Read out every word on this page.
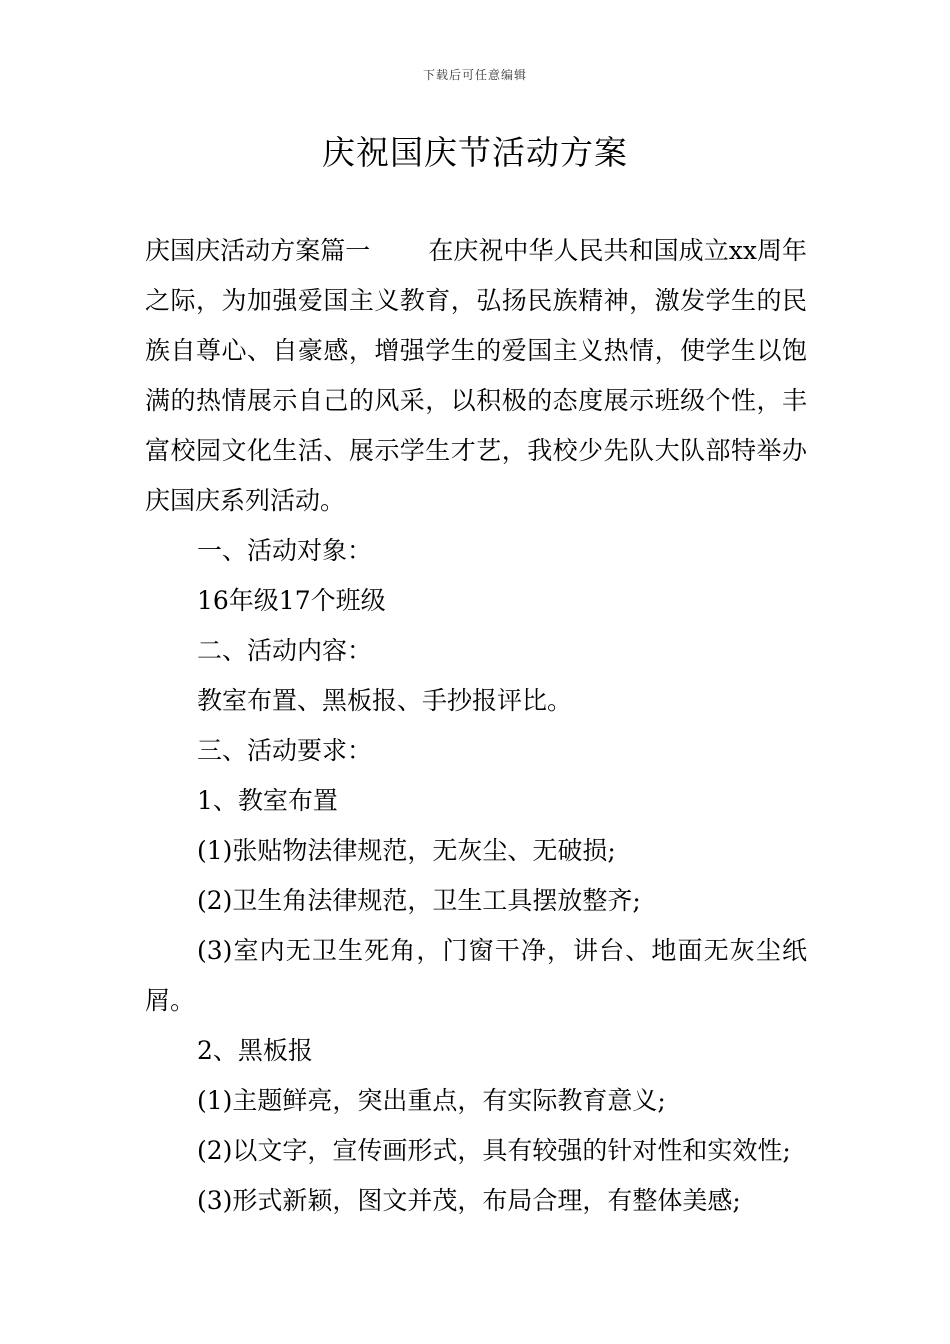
下载后可任意编辑
庆祝国庆节活动方案

庆国庆活动方案篇一 在庆祝中华人民共和国成立xx周年之际，为加强爱国主义教育，弘扬民族精神，激发学生的民族自尊心、自豪感，增强学生的爱国主义热情，使学生以饱满的热情展示自己的风采，以积极的态度展示班级个性，丰富校园文化生活、展示学生才艺，我校少先队大队部特举办庆国庆系列活动。

一、活动对象：

16年级17个班级

二、活动内容：

教室布置、黑板报、手抄报评比。

三、活动要求：

1、教室布置

(1)张贴物法律规范，无灰尘、无破损;

(2)卫生角法律规范，卫生工具摆放整齐;

(3)室内无卫生死角，门窗干净，讲台、地面无灰尘纸屑。

2、黑板报

(1)主题鲜亮，突出重点，有实际教育意义;

(2)以文字，宣传画形式，具有较强的针对性和实效性;

(3)形式新颖，图文并茂，布局合理，有整体美感;
